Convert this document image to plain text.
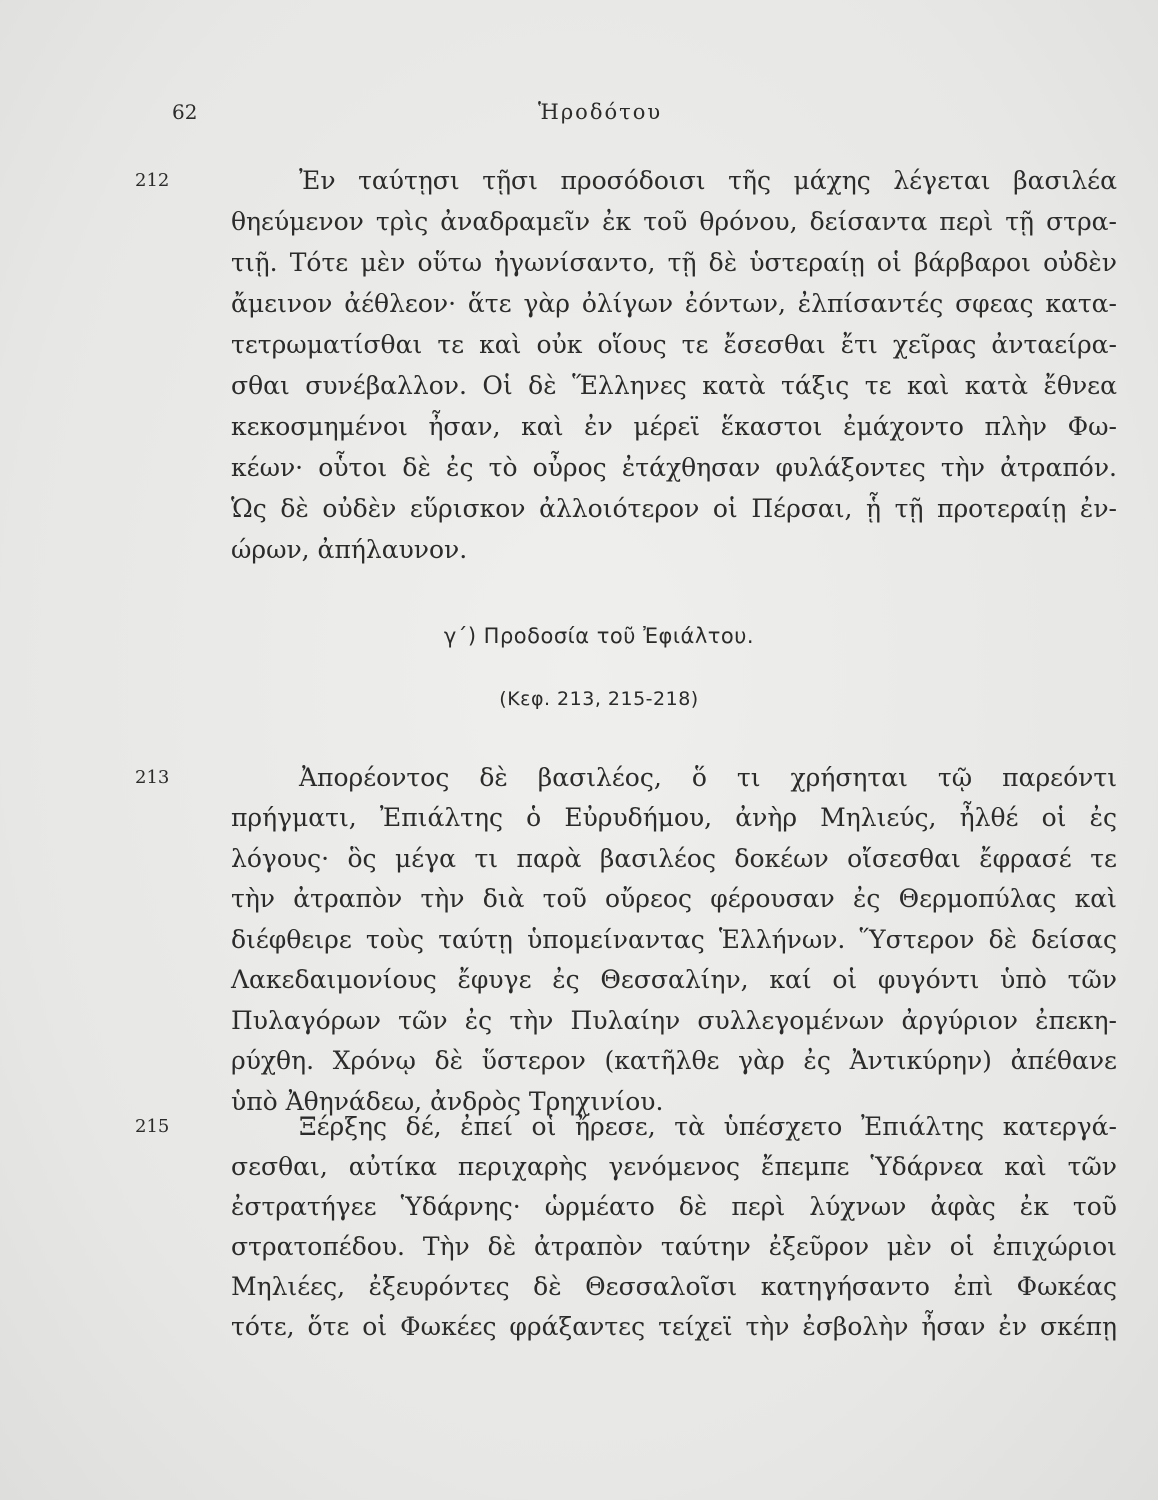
62	Ἡροδότου
212	Ἐν ταύτῃσι τῇσι προσόδοισι τῆς μάχης λέγεται βασιλέα
θηεύμενον τρὶς ἀναδραμεῖν ἐκ τοῦ θρόνου, δείσαντα περὶ τῇ στρα-
τιῇ. Τότε μὲν οὕτω ἠγωνίσαντο, τῇ δὲ ὑστεραίῃ οἱ βάρβαροι οὐδὲν
ἄμεινον ἀέθλεον· ἅτε γὰρ ὀλίγων ἐόντων, ἐλπίσαντές σφεας κατα-
τετρωματίσθαι τε καὶ οὐκ οἵους τε ἔσεσθαι ἔτι χεῖρας ἀνταείρα-
σθαι συνέβαλλον. Οἱ δὲ Ἕλληνες κατὰ τάξις τε καὶ κατὰ ἔθνεα
κεκοσμημένοι ἦσαν, καὶ ἐν μέρεϊ ἕκαστοι ἐμάχοντο πλὴν Φω-
κέων· οὗτοι δὲ ἐς τὸ οὖρος ἐτάχθησαν φυλάξοντες τὴν ἀτραπόν.
Ὡς δὲ οὐδὲν εὕρισκον ἀλλοιότερον οἱ Πέρσαι, ᾗ τῇ προτεραίῃ ἐν-
ώρων, ἀπήλαυνον.
γ΄) Προδοσία τοῦ Ἐφιάλτου.
(Κεφ. 213, 215-218)
213	Ἀπορέοντος δὲ βασιλέος, ὅ τι χρήσηται τῷ παρεόντι
πρήγματι, Ἐπιάλτης ὁ Εὐρυδήμου, ἀνὴρ Μηλιεύς, ἦλθέ οἱ ἐς
λόγους· ὃς μέγα τι παρὰ βασιλέος δοκέων οἴσεσθαι ἔφρασέ τε
τὴν ἀτραπὸν τὴν διὰ τοῦ οὔρεος φέρουσαν ἐς Θερμοπύλας καὶ
διέφθειρε τοὺς ταύτῃ ὑπομείναντας Ἑλλήνων. Ὕστερον δὲ δείσας
Λακεδαιμονίους ἔφυγε ἐς Θεσσαλίην, καί οἱ φυγόντι ὑπὸ τῶν
Πυλαγόρων τῶν ἐς τὴν Πυλαίην συλλεγομένων ἀργύριον ἐπεκη-
ρύχθη. Χρόνῳ δὲ ὕστερον (κατῆλθε γὰρ ἐς Ἀντικύρην) ἀπέθανε
ὑπὸ Ἀθηνάδεω, ἀνδρὸς Τρηχινίου.
215	Ξέρξης δέ, ἐπεί οἱ ἤρεσε, τὰ ὑπέσχετο Ἐπιάλτης κατεργά-
σεσθαι, αὐτίκα περιχαρὴς γενόμενος ἔπεμπε Ὑδάρνεα καὶ τῶν
ἐστρατήγεε Ὑδάρνης· ὡρμέατο δὲ περὶ λύχνων ἀφὰς ἐκ τοῦ
στρατοπέδου. Τὴν δὲ ἀτραπὸν ταύτην ἐξεῦρον μὲν οἱ ἐπιχώριοι
Μηλιέες, ἐξευρόντες δὲ Θεσσαλοῖσι κατηγήσαντο ἐπὶ Φωκέας
τότε, ὅτε οἱ Φωκέες φράξαντες τείχεϊ τὴν ἐσβολὴν ἦσαν ἐν σκέπῃ
